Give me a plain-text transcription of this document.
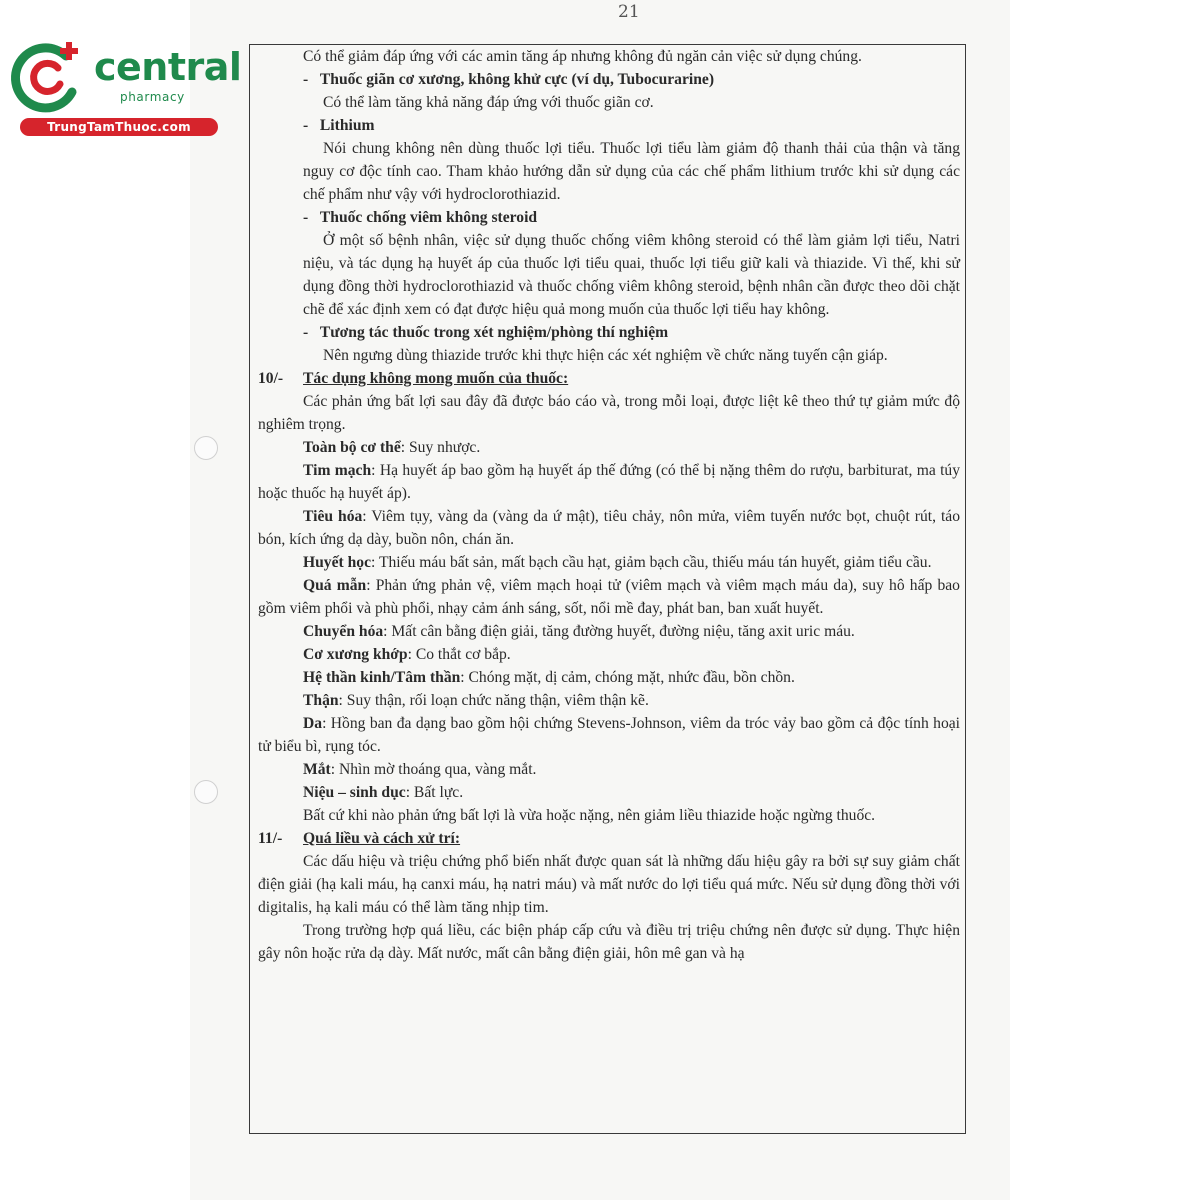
21
central
pharmacy
TrungTamThuoc.com

Có thể giảm đáp ứng với các amin tăng áp nhưng không đủ ngăn cản việc sử dụng chúng.

-   Thuốc giãn cơ xương, không khử cực (ví dụ, Tubocurarine)

Có thể làm tăng khả năng đáp ứng với thuốc giãn cơ.

-   Lithium

Nói chung không nên dùng thuốc lợi tiểu. Thuốc lợi tiểu làm giảm độ thanh thải của thận và tăng nguy cơ độc tính cao. Tham khảo hướng dẫn sử dụng của các chế phẩm lithium trước khi sử dụng các chế phẩm như vậy với hydroclorothiazid.

-   Thuốc chống viêm không steroid

Ở một số bệnh nhân, việc sử dụng thuốc chống viêm không steroid có thể làm giảm lợi tiểu, Natri niệu, và tác dụng hạ huyết áp của thuốc lợi tiểu quai, thuốc lợi tiểu giữ kali và thiazide. Vì thế, khi sử dụng đồng thời hydroclorothiazid và thuốc chống viêm không steroid, bệnh nhân cần được theo dõi chặt chẽ để xác định xem có đạt được hiệu quả mong muốn của thuốc lợi tiểu hay không.

-   Tương tác thuốc trong xét nghiệm/phòng thí nghiệm

Nên ngưng dùng thiazide trước khi thực hiện các xét nghiệm về chức năng tuyến cận giáp.

10/- Tác dụng không mong muốn của thuốc:

Các phản ứng bất lợi sau đây đã được báo cáo và, trong mỗi loại, được liệt kê theo thứ tự giảm mức độ nghiêm trọng.

Toàn bộ cơ thể: Suy nhược.

Tim mạch: Hạ huyết áp bao gồm hạ huyết áp thế đứng (có thể bị nặng thêm do rượu, barbiturat, ma túy hoặc thuốc hạ huyết áp).

Tiêu hóa: Viêm tụy, vàng da (vàng da ứ mật), tiêu chảy, nôn mửa, viêm tuyến nước bọt, chuột rút, táo bón, kích ứng dạ dày, buồn nôn, chán ăn.

Huyết học: Thiếu máu bất sản, mất bạch cầu hạt, giảm bạch cầu, thiếu máu tán huyết, giảm tiểu cầu.

Quá mẫn: Phản ứng phản vệ, viêm mạch hoại tử (viêm mạch và viêm mạch máu da), suy hô hấp bao gồm viêm phổi và phù phổi, nhạy cảm ánh sáng, sốt, nổi mề đay, phát ban, ban xuất huyết.

Chuyển hóa: Mất cân bằng điện giải, tăng đường huyết, đường niệu, tăng axit uric máu.

Cơ xương khớp: Co thắt cơ bắp.

Hệ thần kinh/Tâm thần: Chóng mặt, dị cảm, chóng mặt, nhức đầu, bồn chồn.

Thận: Suy thận, rối loạn chức năng thận, viêm thận kẽ.

Da: Hồng ban đa dạng bao gồm hội chứng Stevens-Johnson, viêm da tróc vảy bao gồm cả độc tính hoại tử biểu bì, rụng tóc.

Mắt: Nhìn mờ thoáng qua, vàng mắt.

Niệu – sinh dục: Bất lực.

Bất cứ khi nào phản ứng bất lợi là vừa hoặc nặng, nên giảm liều thiazide hoặc ngừng thuốc.

11/- Quá liều và cách xử trí:

Các dấu hiệu và triệu chứng phổ biến nhất được quan sát là những dấu hiệu gây ra bởi sự suy giảm chất điện giải (hạ kali máu, hạ canxi máu, hạ natri máu) và mất nước do lợi tiểu quá mức. Nếu sử dụng đồng thời với digitalis, hạ kali máu có thể làm tăng nhịp tim.

Trong trường hợp quá liều, các biện pháp cấp cứu và điều trị triệu chứng nên được sử dụng. Thực hiện gây nôn hoặc rửa dạ dày. Mất nước, mất cân bằng điện giải, hôn mê gan và hạ
